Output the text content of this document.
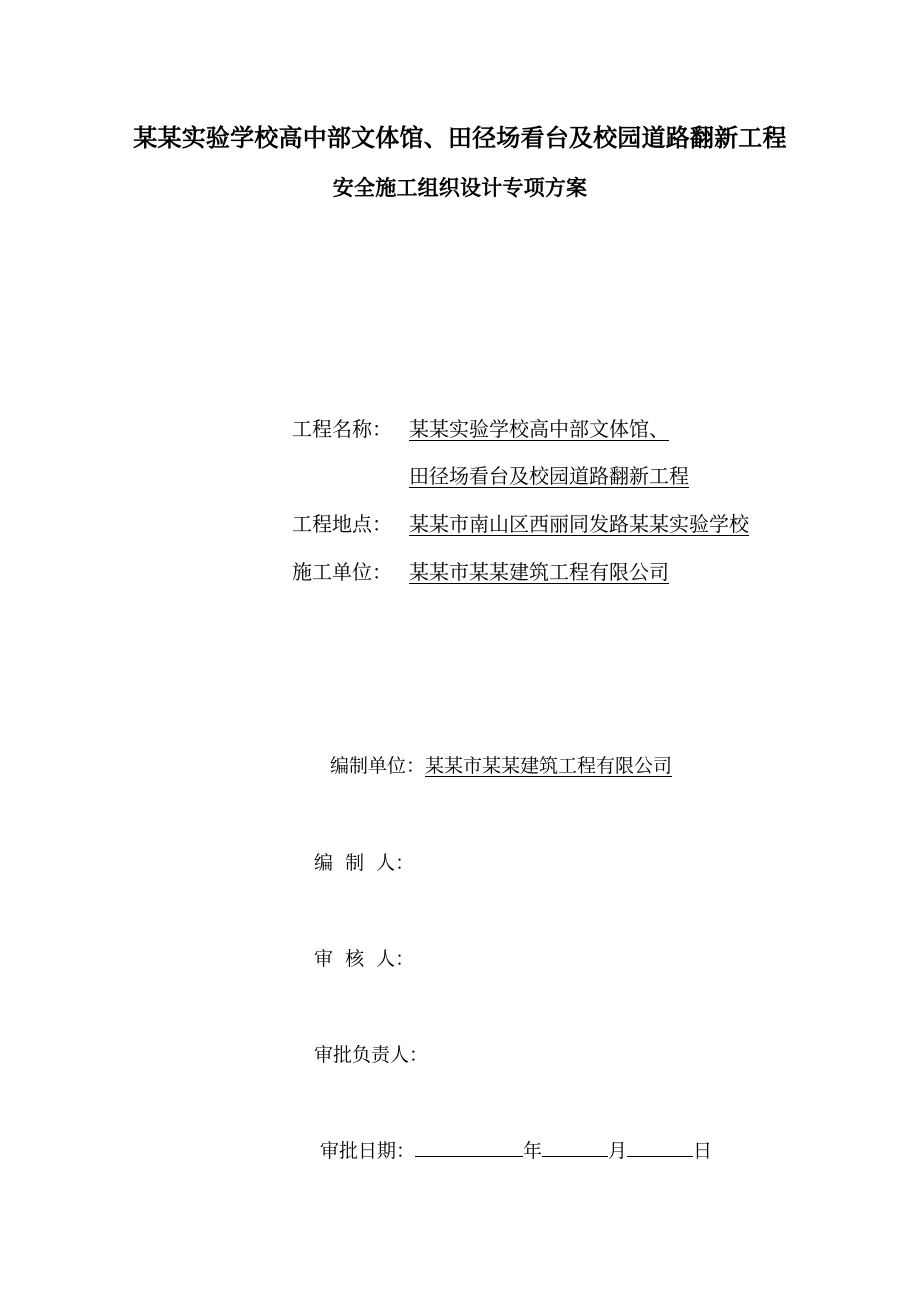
某某实验学校高中部文体馆、田径场看台及校园道路翻新工程
安全施工组织设计专项方案
工程名称： 某某实验学校高中部文体馆、
田径场看台及校园道路翻新工程
工程地点： 某某市南山区西丽同发路某某实验学校
施工单位： 某某市某某建筑工程有限公司
编制单位：某某市某某建筑工程有限公司
编  制  人：
审  核  人：
审批负责人：
审批日期：	年	月	日
